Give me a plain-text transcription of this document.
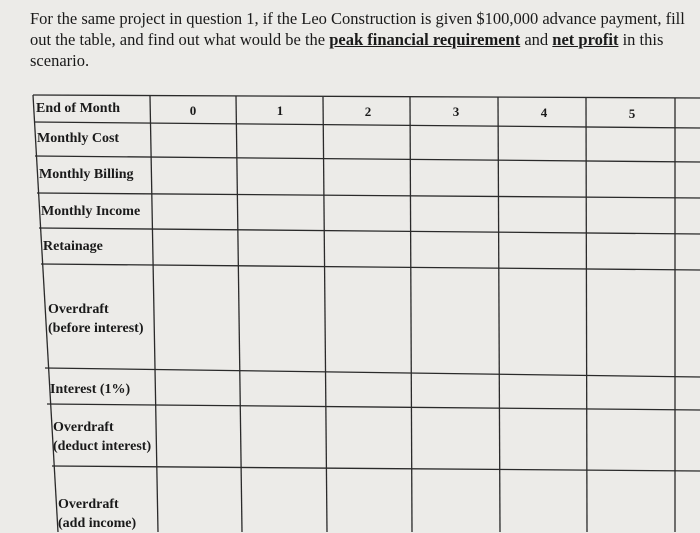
For the same project in question 1, if the Leo Construction is given $100,000 advance payment, fill out the table, and find out what would be the peak financial requirement and net profit in this scenario.
End of Month	0	1	2	3	4	5
Monthly Cost
Monthly Billing
Monthly Income
Retainage
Overdraft
(before interest)
Interest (1%)
Overdraft
(deduct interest)
Overdraft
(add income)
